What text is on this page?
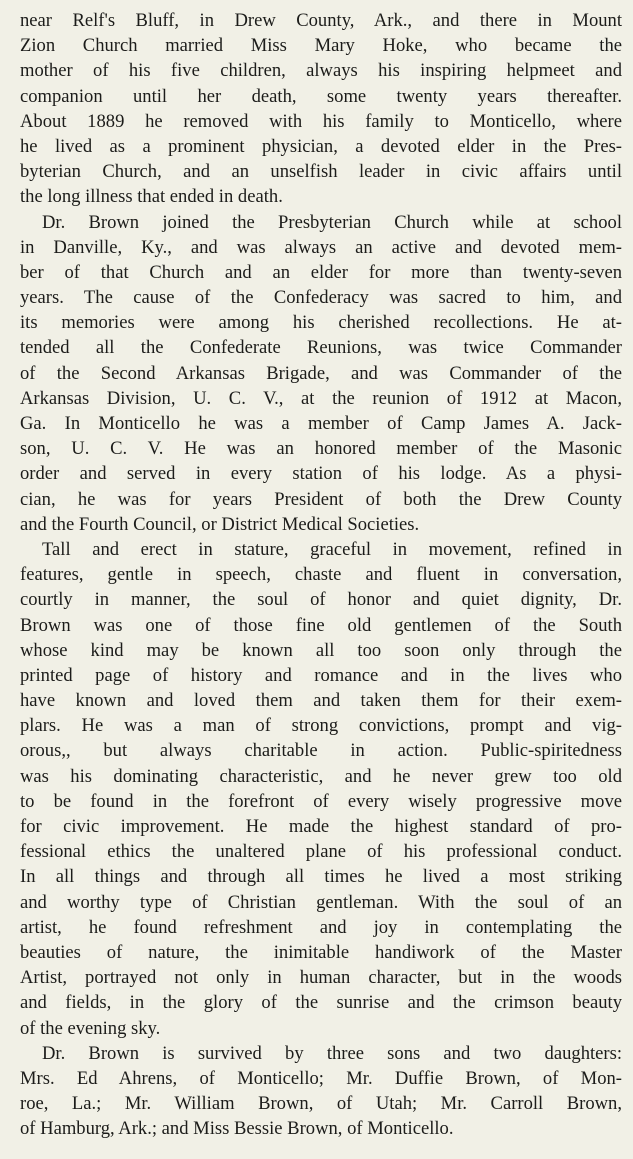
near Relf's Bluff, in Drew County, Ark., and there in Mount
Zion Church married Miss Mary Hoke, who became the
mother of his five children, always his inspiring helpmeet and
companion until her death, some twenty years thereafter.
About 1889 he removed with his family to Monticello, where
he lived as a prominent physician, a devoted elder in the Pres-
byterian Church, and an unselfish leader in civic affairs until
the long illness that ended in death.
Dr. Brown joined the Presbyterian Church while at school
in Danville, Ky., and was always an active and devoted mem-
ber of that Church and an elder for more than twenty-seven
years. The cause of the Confederacy was sacred to him, and
its memories were among his cherished recollections. He at-
tended all the Confederate Reunions, was twice Commander
of the Second Arkansas Brigade, and was Commander of the
Arkansas Division, U. C. V., at the reunion of 1912 at Macon,
Ga. In Monticello he was a member of Camp James A. Jack-
son, U. C. V. He was an honored member of the Masonic
order and served in every station of his lodge. As a physi-
cian, he was for years President of both the Drew County
and the Fourth Council, or District Medical Societies.
Tall and erect in stature, graceful in movement, refined in
features, gentle in speech, chaste and fluent in conversation,
courtly in manner, the soul of honor and quiet dignity, Dr.
Brown was one of those fine old gentlemen of the South
whose kind may be known all too soon only through the
printed page of history and romance and in the lives who
have known and loved them and taken them for their exem-
plars. He was a man of strong convictions, prompt and vig-
orous,, but always charitable in action. Public-spiritedness
was his dominating characteristic, and he never grew too old
to be found in the forefront of every wisely progressive move
for civic improvement. He made the highest standard of pro-
fessional ethics the unaltered plane of his professional conduct.
In all things and through all times he lived a most striking
and worthy type of Christian gentleman. With the soul of an
artist, he found refreshment and joy in contemplating the
beauties of nature, the inimitable handiwork of the Master
Artist, portrayed not only in human character, but in the woods
and fields, in the glory of the sunrise and the crimson beauty
of the evening sky.
Dr. Brown is survived by three sons and two daughters:
Mrs. Ed Ahrens, of Monticello; Mr. Duffie Brown, of Mon-
roe, La.; Mr. William Brown, of Utah; Mr. Carroll Brown,
of Hamburg, Ark.; and Miss Bessie Brown, of Monticello.
